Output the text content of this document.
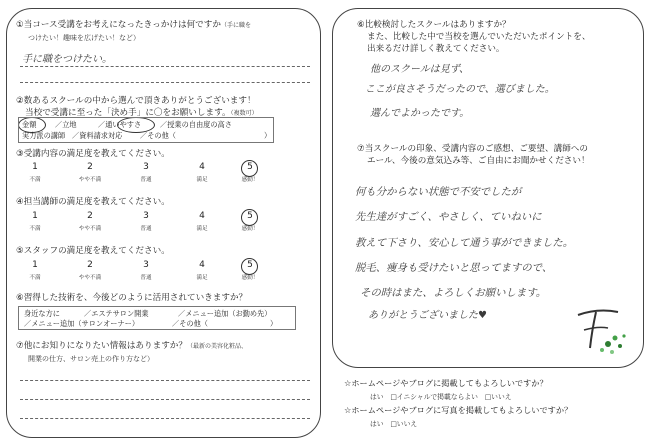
①当コース受講をお考えになったきっかけは何ですか（手に職を
つけたい！趣味を広げたい！など）
手に職をつけたい。
②数あるスクールの中から選んで頂きありがとうございます！
当校で受講に至った「決め手」に〇をお願いします。（複数可）
金額	／立地	／通いやすさ	／授業の自由度の高さ
実力派の講師 ／資料請求対応 ／その他（	）
③受講内容の満足度を教えてください。
1	2	3	4	5
不満	やや不満	普通	満足	感動！
④担当講師の満足度を教えてください。
1	2	3	4	5
不満	やや不満	普通	満足	感動！
⑤スタッフの満足度を教えてください。
1	2	3	4	5
不満	やや不満	普通	満足	感動！
⑥習得した技術を、今後どのように活用されていきますか？
身近な方に	／エステサロン開業	／メニュー追加（お勤め先）
／メニュー追加（サロンオーナー）	／その他（	）
⑦他にお知りになりたい情報はありますか？（最新の美容化粧品、
開業の仕方、サロン売上の作り方など）
⑥比較検討したスクールはありますか？
また、比較した中で当校を選んでいただいたポイントを、
出来るだけ詳しく教えてください。
他のスクールは見ず、
ここが良さそうだったので、選びました。
選んでよかったです。
⑦当スクールの印象、受講内容のご感想、ご要望、講師への
エール、今後の意気込み等、ご自由にお聞かせください！
何も分からない状態で不安でしたが
先生達がすごく、やさしく、ていねいに
教えて下さり、安心して通う事ができました。
脱毛、痩身も受けたいと思ってますので、
その時はまた、よろしくお願いします。
ありがとうございました♥
☆ホームページやブログに掲載してもよろしいですか？
はい　□イニシャルで掲載ならよい　□いいえ
☆ホームページやブログに写真を掲載してもよろしいですか？
はい　□いいえ
